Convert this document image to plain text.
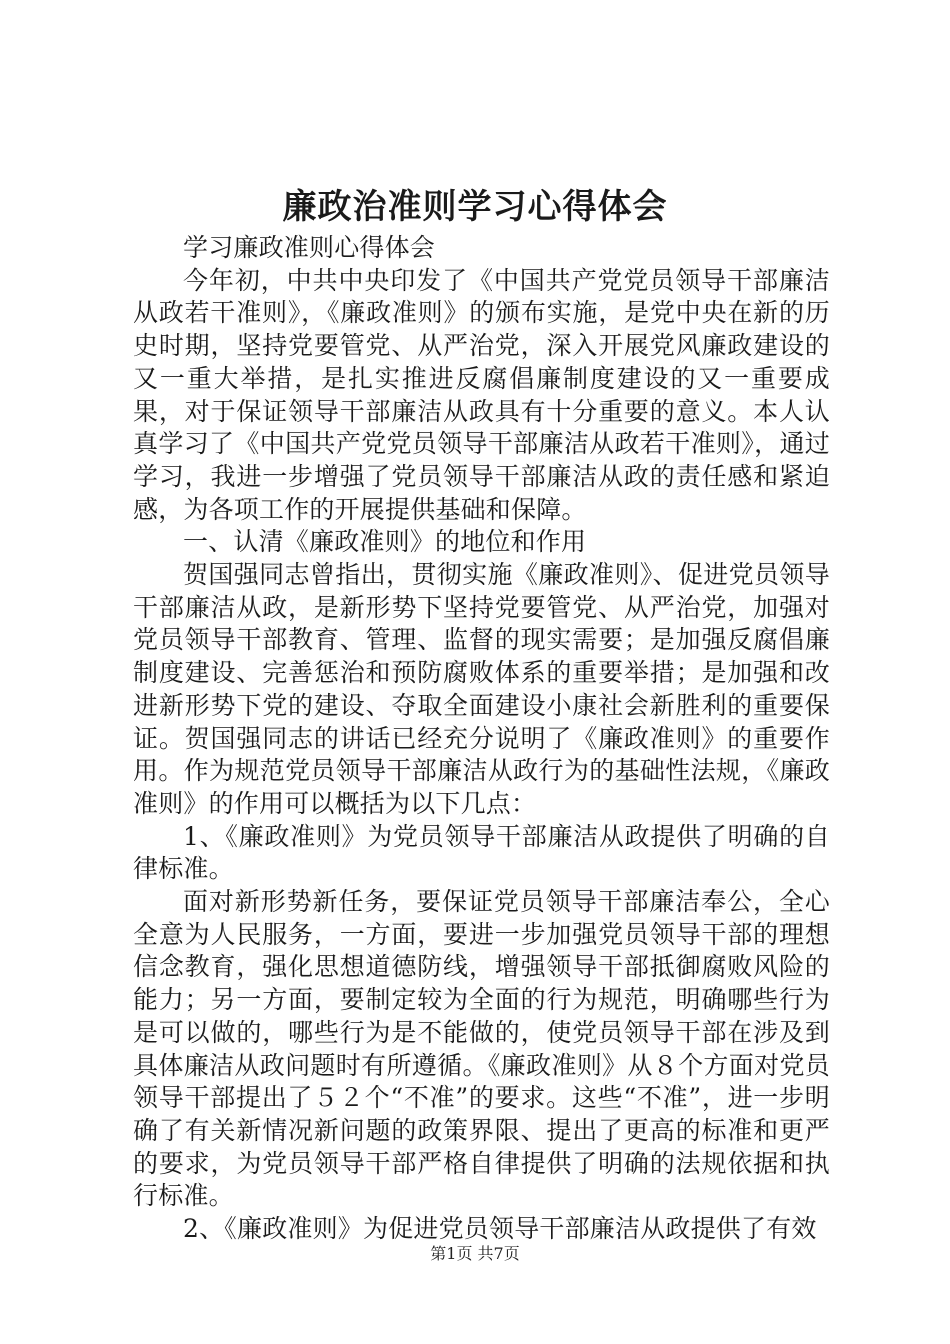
廉政治准则学习心得体会

学习廉政准则心得体会

今年初，中共中央印发了《中国共产党党员领导干部廉洁从政若干准则》，《廉政准则》的颁布实施，是党中央在新的历史时期，坚持党要管党、从严治党，深入开展党风廉政建设的又一重大举措，是扎实推进反腐倡廉制度建设的又一重要成果，对于保证领导干部廉洁从政具有十分重要的意义。本人认真学习了《中国共产党党员领导干部廉洁从政若干准则》，通过学习，我进一步增强了党员领导干部廉洁从政的责任感和紧迫感，为各项工作的开展提供基础和保障。

一、认清《廉政准则》的地位和作用

贺国强同志曾指出，贯彻实施《廉政准则》、促进党员领导干部廉洁从政，是新形势下坚持党要管党、从严治党，加强对党员领导干部教育、管理、监督的现实需要；是加强反腐倡廉制度建设、完善惩治和预防腐败体系的重要举措；是加强和改进新形势下党的建设、夺取全面建设小康社会新胜利的重要保证。贺国强同志的讲话已经充分说明了《廉政准则》的重要作用。作为规范党员领导干部廉洁从政行为的基础性法规，《廉政准则》的作用可以概括为以下几点：

1、《廉政准则》为党员领导干部廉洁从政提供了明确的自律标准。

面对新形势新任务，要保证党员领导干部廉洁奉公，全心全意为人民服务，一方面，要进一步加强党员领导干部的理想信念教育，强化思想道德防线，增强领导干部抵御腐败风险的能力；另一方面，要制定较为全面的行为规范，明确哪些行为是可以做的，哪些行为是不能做的，使党员领导干部在涉及到具体廉洁从政问题时有所遵循。《廉政准则》从８个方面对党员领导干部提出了５２个“不准”的要求。这些“不准”，进一步明确了有关新情况新问题的政策界限、提出了更高的标准和更严的要求，为党员领导干部严格自律提供了明确的法规依据和执行标准。

2、《廉政准则》为促进党员领导干部廉洁从政提供了有效

第1页 共7页
